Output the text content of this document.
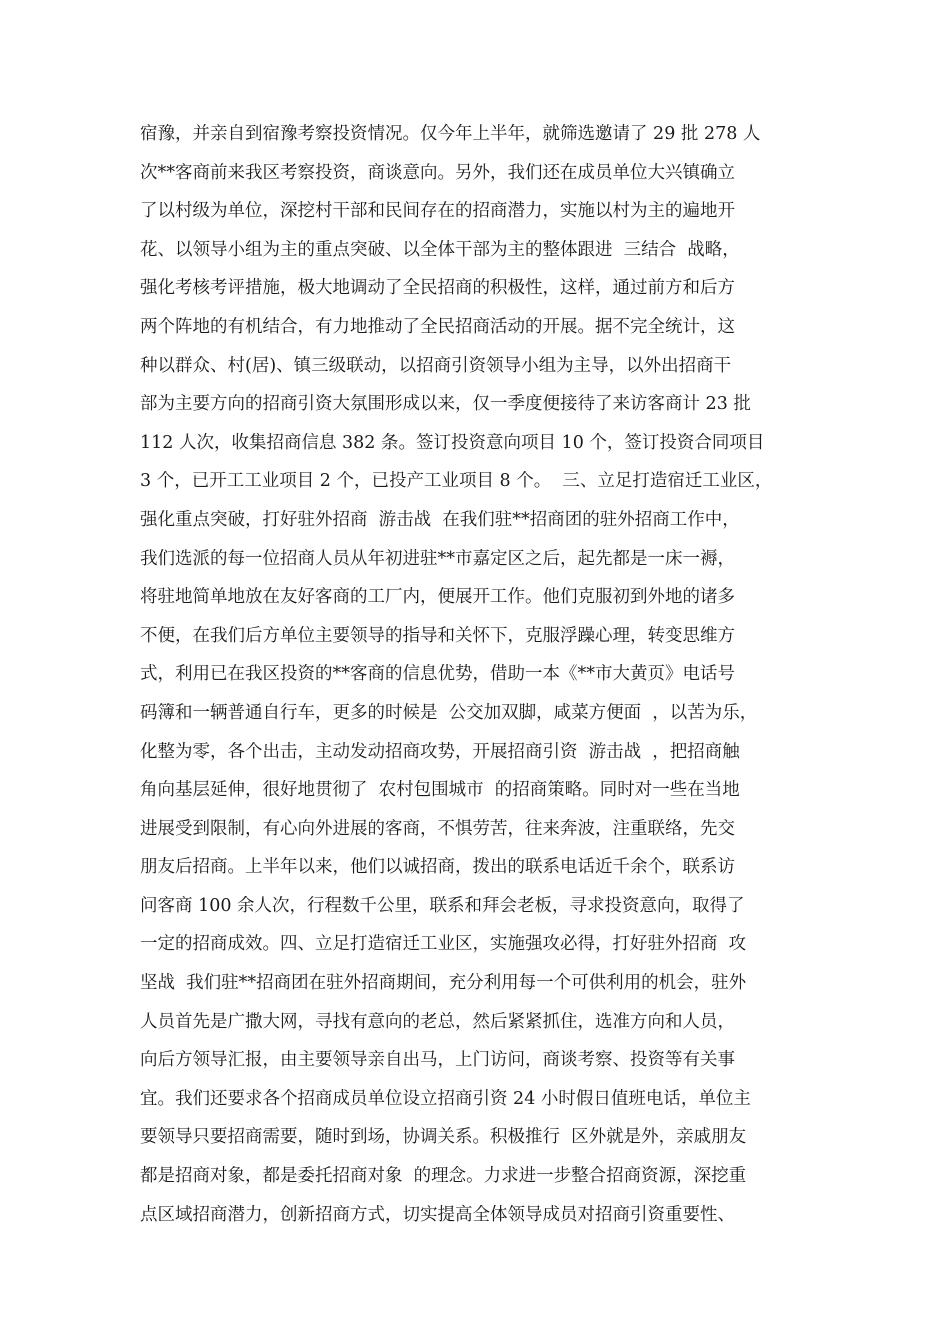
宿豫，并亲自到宿豫考察投资情况。仅今年上半年，就筛选邀请了 29 批 278 人
次**客商前来我区考察投资，商谈意向。另外，我们还在成员单位大兴镇确立
了以村级为单位，深挖村干部和民间存在的招商潜力，实施以村为主的遍地开
花、以领导小组为主的重点突破、以全体干部为主的整体跟进  三结合  战略，
强化考核考评措施，极大地调动了全民招商的积极性，这样，通过前方和后方
两个阵地的有机结合，有力地推动了全民招商活动的开展。据不完全统计，这
种以群众、村(居)、镇三级联动，以招商引资领导小组为主导，以外出招商干
部为主要方向的招商引资大氛围形成以来，仅一季度便接待了来访客商计 23 批
112 人次，收集招商信息 382 条。签订投资意向项目 10 个，签订投资合同项目
3 个，已开工工业项目 2 个，已投产工业项目 8 个。  三、立足打造宿迁工业区，
强化重点突破，打好驻外招商  游击战  在我们驻**招商团的驻外招商工作中，
我们选派的每一位招商人员从年初进驻**市嘉定区之后，起先都是一床一褥，
将驻地简单地放在友好客商的工厂内，便展开工作。他们克服初到外地的诸多
不便，在我们后方单位主要领导的指导和关怀下，克服浮躁心理，转变思维方
式，利用已在我区投资的**客商的信息优势，借助一本《**市大黄页》电话号
码簿和一辆普通自行车，更多的时候是  公交加双脚，咸菜方便面  ，以苦为乐，
化整为零，各个出击，主动发动招商攻势，开展招商引资  游击战  ，把招商触
角向基层延伸，很好地贯彻了  农村包围城市  的招商策略。同时对一些在当地
进展受到限制，有心向外进展的客商，不惧劳苦，往来奔波，注重联络，先交
朋友后招商。上半年以来，他们以诚招商，拨出的联系电话近千余个，联系访
问客商 100 余人次，行程数千公里，联系和拜会老板，寻求投资意向，取得了
一定的招商成效。四、立足打造宿迁工业区，实施强攻必得，打好驻外招商  攻
坚战  我们驻**招商团在驻外招商期间，充分利用每一个可供利用的机会，驻外
人员首先是广撒大网，寻找有意向的老总，然后紧紧抓住，选准方向和人员，
向后方领导汇报，由主要领导亲自出马，上门访问，商谈考察、投资等有关事
宜。我们还要求各个招商成员单位设立招商引资 24 小时假日值班电话，单位主
要领导只要招商需要，随时到场，协调关系。积极推行  区外就是外，亲戚朋友
都是招商对象，都是委托招商对象  的理念。力求进一步整合招商资源，深挖重
点区域招商潜力，创新招商方式，切实提高全体领导成员对招商引资重要性、
